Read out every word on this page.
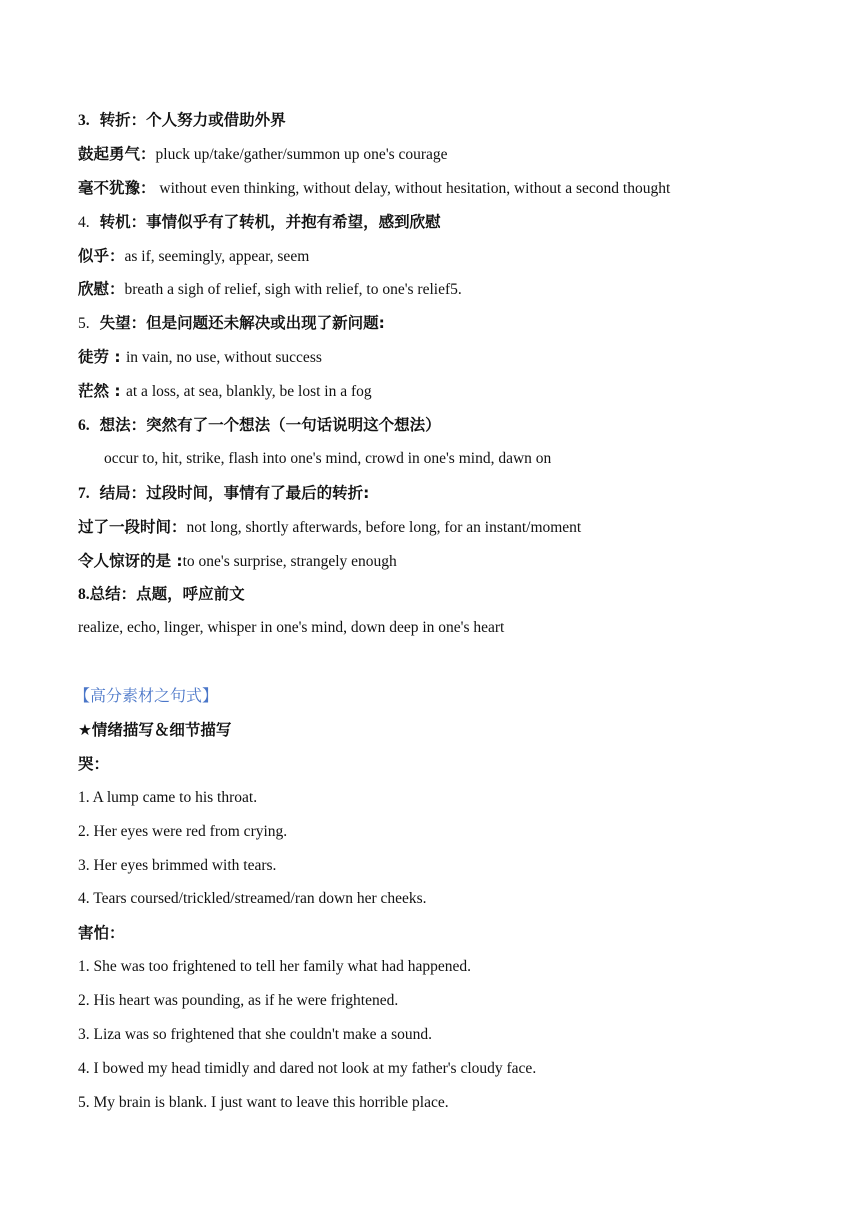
3. 转折：个人努力或借助外界
鼓起勇气：pluck up/take/gather/summon up one's courage
毫不犹豫： without even thinking, without delay, without hesitation, without a second thought
4. 转机：事情似乎有了转机，并抱有希望，感到欣慰
似乎：as if, seemingly, appear, seem
欣慰：breath a sigh of relief, sigh with relief, to one's relief5.
5. 失望：但是问题还未解决或出现了新问题:
徒劳 : in vain, no use, without success
茫然 : at a loss, at sea, blankly, be lost in a fog
6. 想法：突然有了一个想法（一句话说明这个想法）
occur to, hit, strike, flash into one's mind, crowd in one's mind, dawn on
7. 结局：过段时间，事情有了最后的转折:
过了一段时间：not long, shortly afterwards, before long, for an instant/moment
令人惊讶的是 :to one's surprise, strangely enough
8.总结：点题，呼应前文
realize, echo, linger, whisper in one's mind, down deep in one's heart
【高分素材之句式】
★情绪描写＆细节描写
哭：
1. A lump came to his throat.
2. Her eyes were red from crying.
3. Her eyes brimmed with tears.
4. Tears coursed/trickled/streamed/ran down her cheeks.
害怕：
1. She was too frightened to tell her family what had happened.
2. His heart was pounding, as if he were frightened.
3. Liza was so frightened that she couldn't make a sound.
4. I bowed my head timidly and dared not look at my father's cloudy face.
5. My brain is blank. I just want to leave this horrible place.
